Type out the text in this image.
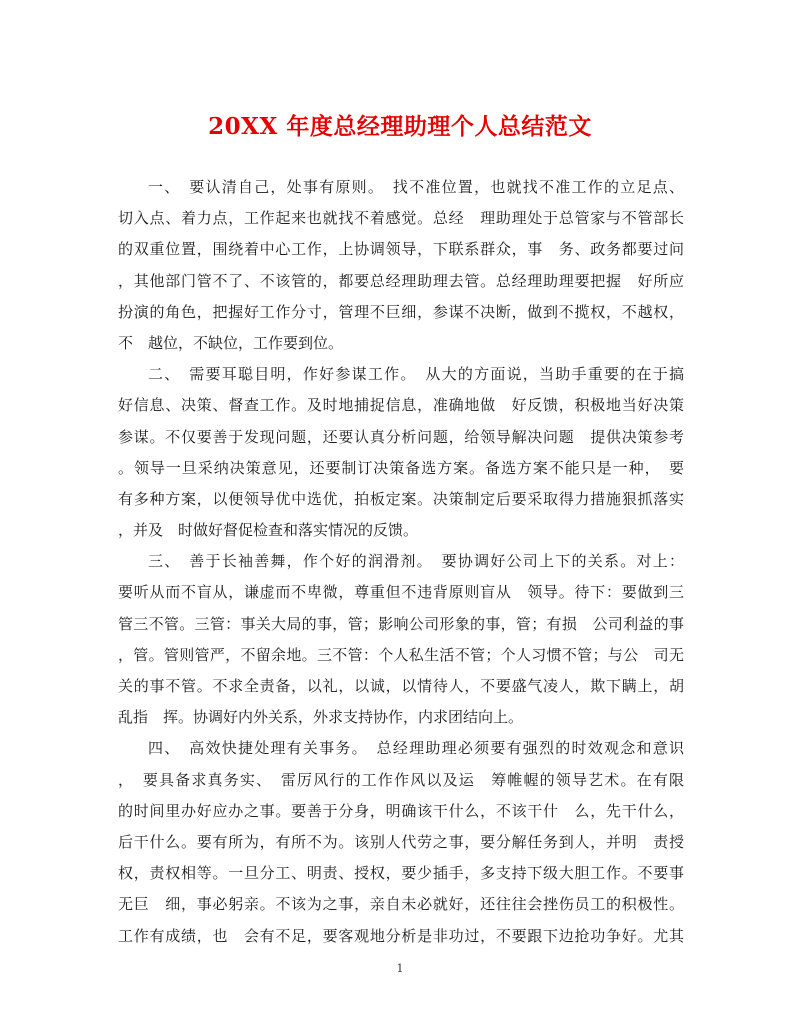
20XX 年度总经理助理个人总结范文
一、　要认清自己，处事有原则。　找不准位置，也就找不准工作的立足点、
切入点、着力点，工作起来也就找不着感觉。总经　理助理处于总管家与不管部长
的双重位置，围绕着中心工作，上协调领导，下联系群众，事　务、政务都要过问
，其他部门管不了、不该管的，都要总经理助理去管。总经理助理要把握　好所应
扮演的角色，把握好工作分寸，管理不巨细，参谋不决断，做到不揽权，不越权，
不　越位，不缺位，工作要到位。
二、　需要耳聪目明，作好参谋工作。　从大的方面说，当助手重要的在于搞
好信息、决策、督查工作。及时地捕捉信息，准确地做　好反馈，积极地当好决策
参谋。不仅要善于发现问题，还要认真分析问题，给领导解决问题　提供决策参考
。领导一旦采纳决策意见，还要制订决策备选方案。备选方案不能只是一种，　要
有多种方案，以便领导优中选优，拍板定案。决策制定后要采取得力措施狠抓落实
，并及　时做好督促检查和落实情况的反馈。
三、　善于长袖善舞，作个好的润滑剂。　要协调好公司上下的关系。对上：
要听从而不盲从，谦虚而不卑微，尊重但不违背原则盲从　领导。待下：要做到三
管三不管。三管：事关大局的事，管；影响公司形象的事，管；有损　公司利益的事
，管。管则管严，不留余地。三不管：个人私生活不管；个人习惯不管；与公　司无
关的事不管。不求全责备，以礼，以诚，以情待人，不要盛气凌人，欺下瞒上，胡
乱指　挥。协调好内外关系，外求支持协作，内求团结向上。
四、　高效快捷处理有关事务。　总经理助理必须要有强烈的时效观念和意识
，　要具备求真务实、　雷厉风行的工作作风以及运　筹帷幄的领导艺术。在有限
的时间里办好应办之事。要善于分身，明确该干什么，不该干什　么，先干什么，
后干什么。要有所为，有所不为。该别人代劳之事，要分解任务到人，并明　责授
权，责权相等。一旦分工、明责、授权，要少插手，多支持下级大胆工作。不要事
无巨　细，事必躬亲。不该为之事，亲自未必就好，还往往会挫伤员工的积极性。
工作有成绩，也　会有不足，要客观地分析是非功过，不要跟下边抢功争好。尤其
1
